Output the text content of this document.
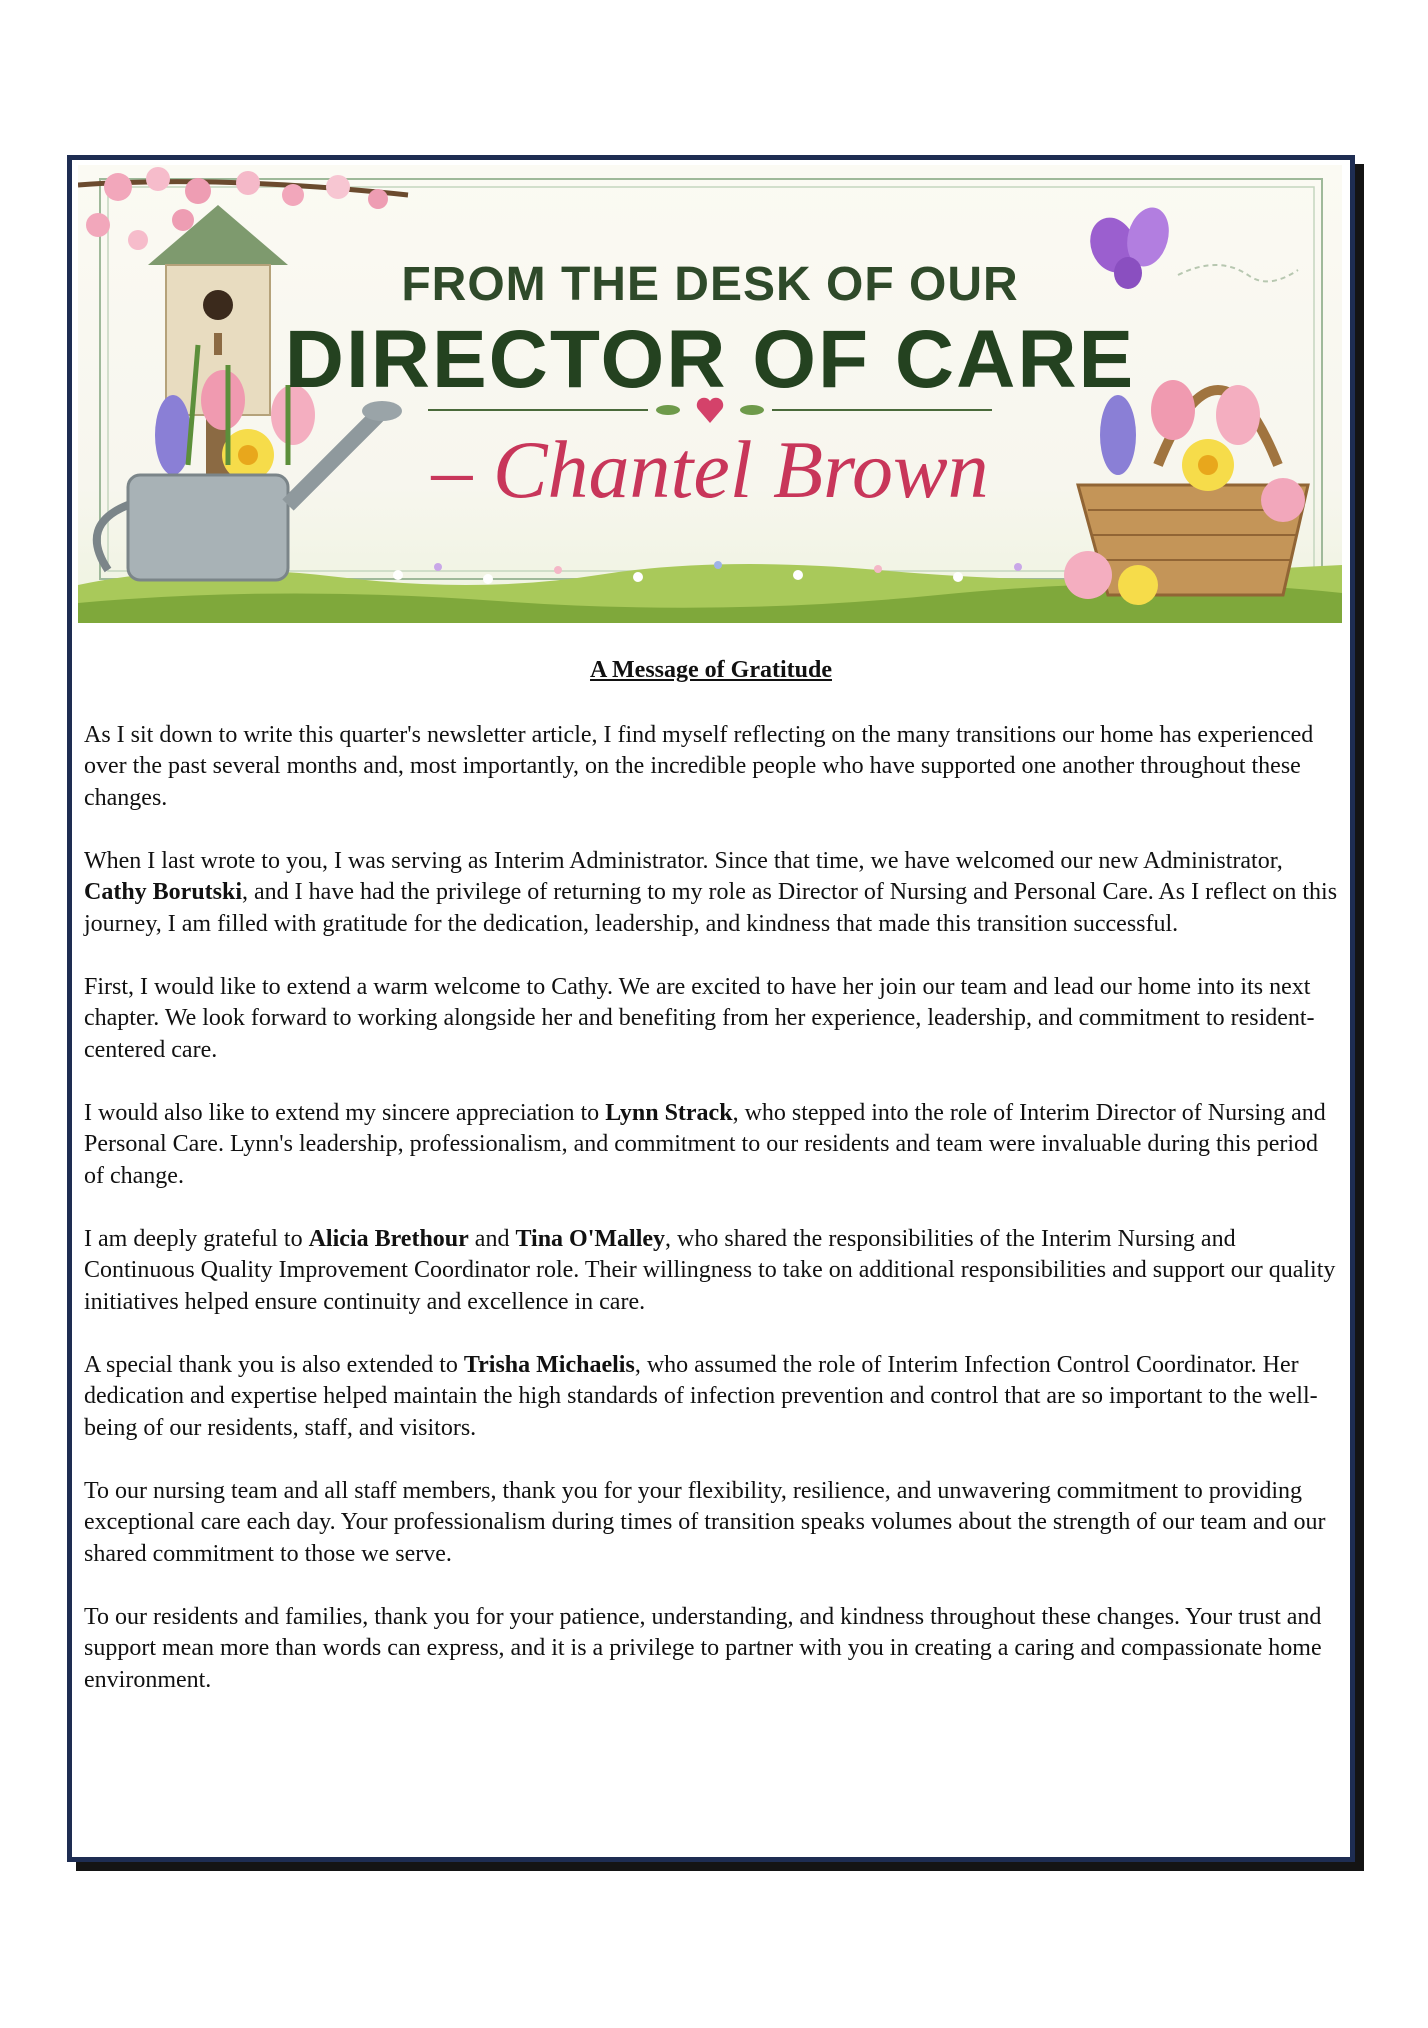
FROM THE DESK OF OUR
DIRECTOR OF CARE
– Chantel Brown

A Message of Gratitude

As I sit down to write this quarter's newsletter article, I find myself reflecting on the many transitions our home has experienced over the past several months and, most importantly, on the incredible people who have supported one another throughout these changes.

When I last wrote to you, I was serving as Interim Administrator. Since that time, we have welcomed our new Administrator, Cathy Borutski, and I have had the privilege of returning to my role as Director of Nursing and Personal Care. As I reflect on this journey, I am filled with gratitude for the dedication, leadership, and kindness that made this transition successful.

First, I would like to extend a warm welcome to Cathy. We are excited to have her join our team and lead our home into its next chapter. We look forward to working alongside her and benefiting from her experience, leadership, and commitment to resident-centered care.

I would also like to extend my sincere appreciation to Lynn Strack, who stepped into the role of Interim Director of Nursing and Personal Care. Lynn's leadership, professionalism, and commitment to our residents and team were invaluable during this period of change.

I am deeply grateful to Alicia Brethour and Tina O'Malley, who shared the responsibilities of the Interim Nursing and Continuous Quality Improvement Coordinator role. Their willingness to take on additional responsibilities and support our quality initiatives helped ensure continuity and excellence in care.

A special thank you is also extended to Trisha Michaelis, who assumed the role of Interim Infection Control Coordinator. Her dedication and expertise helped maintain the high standards of infection prevention and control that are so important to the well-being of our residents, staff, and visitors.

To our nursing team and all staff members, thank you for your flexibility, resilience, and unwavering commitment to providing exceptional care each day. Your professionalism during times of transition speaks volumes about the strength of our team and our shared commitment to those we serve.

To our residents and families, thank you for your patience, understanding, and kindness throughout these changes. Your trust and support mean more than words can express, and it is a privilege to partner with you in creating a caring and compassionate home environment.
